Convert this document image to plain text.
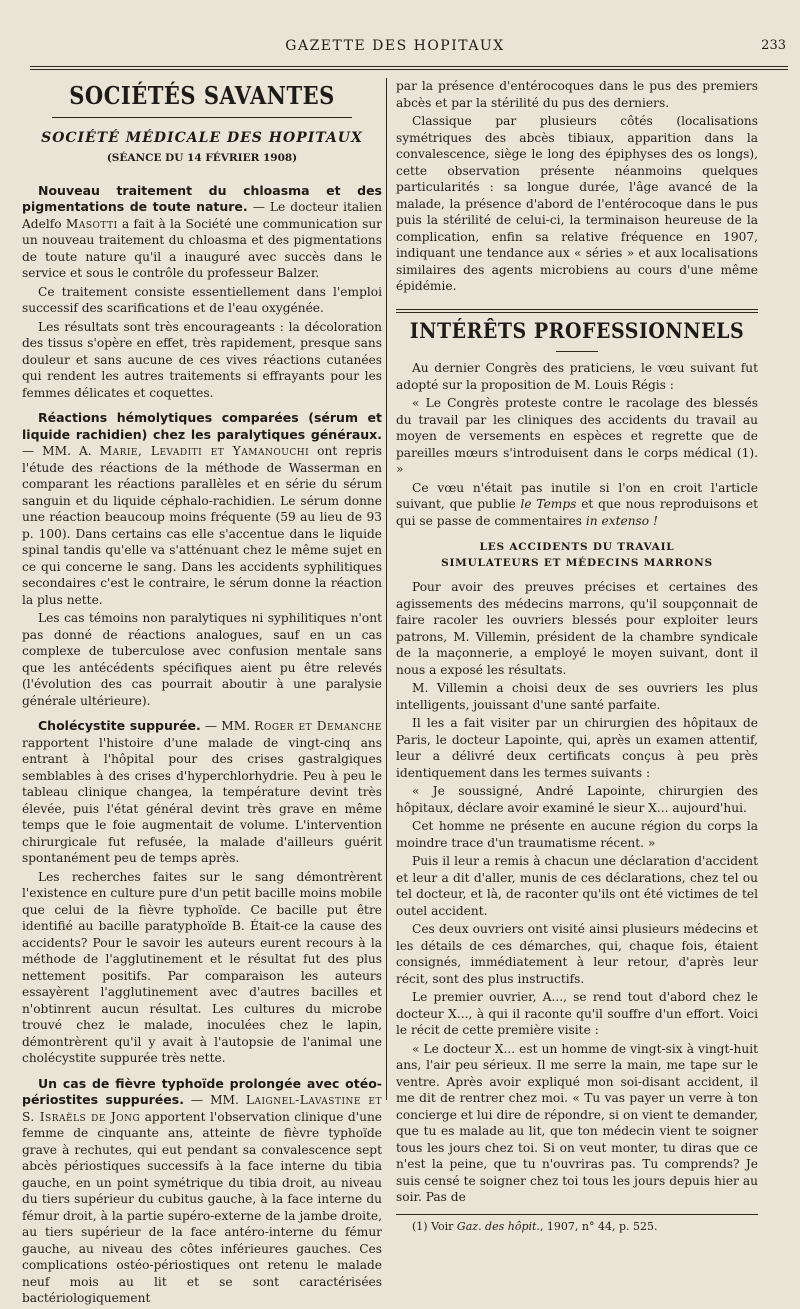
GAZETTE DES HOPITAUX	233
SOCIÉTÉS SAVANTES
SOCIÉTÉ MÉDICALE DES HOPITAUX
(SÉANCE DU 14 FÉVRIER 1908)

Nouveau traitement du chloasma et des pigmentations de toute nature. — Le docteur italien Adelfo Masotti a fait à la Société une communication sur un nouveau traitement du chloasma et des pigmentations de toute nature qu'il a inauguré avec succès dans le service et sous le contrôle du professeur Balzer.

Ce traitement consiste essentiellement dans l'emploi successif des scarifications et de l'eau oxygénée.

Les résultats sont très encourageants : la décoloration des tissus s'opère en effet, très rapidement, presque sans douleur et sans aucune de ces vives réactions cutanées qui rendent les autres traitements si effrayants pour les femmes délicates et coquettes.

Réactions hémolytiques comparées (sérum et liquide rachidien) chez les paralytiques généraux. — MM. A. Marie, Levaditi et Yamanouchi ont repris l'étude des réactions de la méthode de Wasserman en comparant les réactions parallèles et en série du sérum sanguin et du liquide céphalo-rachidien. Le sérum donne une réaction beaucoup moins fréquente (59 au lieu de 93 p. 100). Dans certains cas elle s'accentue dans le liquide spinal tandis qu'elle va s'atténuant chez le même sujet en ce qui concerne le sang. Dans les accidents syphilitiques secondaires c'est le contraire, le sérum donne la réaction la plus nette.

Les cas témoins non paralytiques ni syphilitiques n'ont pas donné de réactions analogues, sauf en un cas complexe de tuberculose avec confusion mentale sans que les antécédents spécifiques aient pu être relevés (l'évolution des cas pourrait aboutir à une paralysie générale ultérieure).

Cholécystite suppurée. — MM. Roger et Demanche rapportent l'histoire d'une malade de vingt-cinq ans entrant à l'hôpital pour des crises gastralgiques semblables à des crises d'hyperchlorhydrie. Peu à peu le tableau clinique changea, la température devint très élevée, puis l'état général devint très grave en même temps que le foie augmentait de volume. L'intervention chirurgicale fut refusée, la malade d'ailleurs guérit spontanément peu de temps après.

Les recherches faites sur le sang démontrèrent l'existence en culture pure d'un petit bacille moins mobile que celui de la fièvre typhoïde. Ce bacille put être identifié au bacille paratyphoïde B. Était-ce la cause des accidents? Pour le savoir les auteurs eurent recours à la méthode de l'agglutinement et le résultat fut des plus nettement positifs. Par comparaison les auteurs essayèrent l'agglutinement avec d'autres bacilles et n'obtinrent aucun résultat. Les cultures du microbe trouvé chez le malade, inoculées chez le lapin, démontrèrent qu'il y avait à l'autopsie de l'animal une cholécystite suppurée très nette.

Un cas de fièvre typhoïde prolongée avec otéo-périostites suppurées. — MM. Laignel-Lavastine et S. Israëls de Jong apportent l'observation clinique d'une femme de cinquante ans, atteinte de fièvre typhoïde grave à rechutes, qui eut pendant sa convalescence sept abcès périostiques successifs à la face interne du tibia gauche, en un point symétrique du tibia droit, au niveau du tiers supérieur du cubitus gauche, à la face interne du fémur droit, à la partie supéro-externe de la jambe droite, au tiers supérieur de la face antéro-interne du fémur gauche, au niveau des côtes inférieures gauches. Ces complications ostéo-périostiques ont retenu le malade neuf mois au lit et se sont caractérisées bactériologiquement

par la présence d'entérocoques dans le pus des premiers abcès et par la stérilité du pus des derniers.

Classique par plusieurs côtés (localisations symétriques des abcès tibiaux, apparition dans la convalescence, siège le long des épiphyses des os longs), cette observation présente néanmoins quelques particularités : sa longue durée, l'âge avancé de la malade, la présence d'abord de l'entérocoque dans le pus puis la stérilité de celui-ci, la terminaison heureuse de la complication, enfin sa relative fréquence en 1907, indiquant une tendance aux « séries » et aux localisations similaires des agents microbiens au cours d'une même épidémie.

INTÉRÊTS PROFESSIONNELS

Au dernier Congrès des praticiens, le vœu suivant fut adopté sur la proposition de M. Louis Régis :

« Le Congrès proteste contre le racolage des blessés du travail par les cliniques des accidents du travail au moyen de versements en espèces et regrette que de pareilles mœurs s'introduisent dans le corps médical (1). »

Ce vœu n'était pas inutile si l'on en croit l'article suivant, que publie le Temps et que nous reproduisons et qui se passe de commentaires in extenso !

LES ACCIDENTS DU TRAVAIL
SIMULATEURS ET MÉDECINS MARRONS

Pour avoir des preuves précises et certaines des agissements des médecins marrons, qu'il soupçonnait de faire racoler les ouvriers blessés pour exploiter leurs patrons, M. Villemin, président de la chambre syndicale de la maçonnerie, a employé le moyen suivant, dont il nous a exposé les résultats.

M. Villemin a choisi deux de ses ouvriers les plus intelligents, jouissant d'une santé parfaite.

Il les a fait visiter par un chirurgien des hôpitaux de Paris, le docteur Lapointe, qui, après un examen attentif, leur a délivré deux certificats conçus à peu près identiquement dans les termes suivants :

« Je soussigné, André Lapointe, chirurgien des hôpitaux, déclare avoir examiné le sieur X... aujourd'hui.

Cet homme ne présente en aucune région du corps la moindre trace d'un traumatisme récent. »

Puis il leur a remis à chacun une déclaration d'accident et leur a dit d'aller, munis de ces déclarations, chez tel ou tel docteur, et là, de raconter qu'ils ont été victimes de tel outel accident.

Ces deux ouvriers ont visité ainsi plusieurs médecins et les détails de ces démarches, qui, chaque fois, étaient consignés, immédiatement à leur retour, d'après leur récit, sont des plus instructifs.

Le premier ouvrier, A..., se rend tout d'abord chez le docteur X..., à qui il raconte qu'il souffre d'un effort. Voici le récit de cette première visite :

« Le docteur X... est un homme de vingt-six à vingt-huit ans, l'air peu sérieux. Il me serre la main, me tape sur le ventre. Après avoir expliqué mon soi-disant accident, il me dit de rentrer chez moi. « Tu vas payer un verre à ton concierge et lui dire de répondre, si on vient te demander, que tu es malade au lit, que ton médecin vient te soigner tous les jours chez toi. Si on veut monter, tu diras que ce n'est la peine, que tu n'ouvriras pas. Tu comprends? Je suis censé te soigner chez toi tous les jours depuis hier au soir. Pas de

(1) Voir Gaz. des hôpit., 1907, n° 44, p. 525.
